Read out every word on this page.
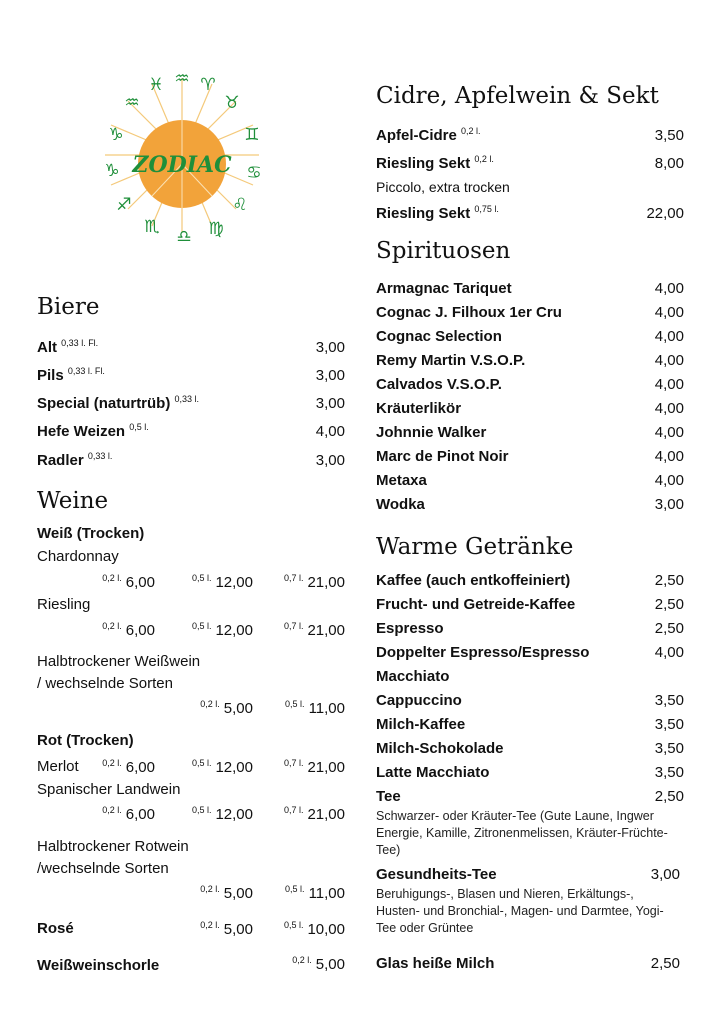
ZODIAC
♓ ♒ ♈
♉
♊
♋
♌
♍
♎
♏
♐
♑
♑
♒
Biere
Alt $^{0,33 l. Fl.}$	3,00
Pils $^{0,33 l. Fl.}$	3,00
Special (naturtrüb) $^{0,33 l.}$	3,00
Hefe Weizen $^{0,5 l.}$	4,00
Radler $^{0,33 l.}$	3,00
Weine
Weiß (Trocken)
Chardonnay
$^{0,2 l.}$ 6,00	$^{0,5 l.}$ 12,00	$^{0,7 l.}$ 21,00
Riesling
$^{0,2 l.}$ 6,00	$^{0,5 l.}$ 12,00	$^{0,7 l.}$ 21,00
Halbtrockener Weißwein
/ wechselnde Sorten
$^{0,2 l.}$ 5,00	$^{0,5 l.}$ 11,00
Rot (Trocken)
Merlot	$^{0,2 l.}$ 6,00	$^{0,5 l.}$ 12,00	$^{0,7 l.}$ 21,00
Spanischer Landwein
$^{0,2 l.}$ 6,00	$^{0,5 l.}$ 12,00	$^{0,7 l.}$ 21,00
Halbtrockener Rotwein
/wechselnde Sorten
$^{0,2 l.}$ 5,00	$^{0,5 l.}$ 11,00
Rosé	$^{0,2 l.}$ 5,00	$^{0,5 l.}$ 10,00
Weißweinschorle	$^{0,2 l.}$ 5,00
Cidre, Apfelwein & Sekt
Apfel-Cidre $^{0,2 l.}$	3,50
Riesling Sekt $^{0,2 l.}$	8,00
Piccolo, extra trocken
Riesling Sekt $^{0,75 l.}$	22,00
Spirituosen
Armagnac Tariquet	4,00
Cognac J. Filhoux 1er Cru	4,00
Cognac Selection	4,00
Remy Martin V.S.O.P.	4,00
Calvados V.S.O.P.	4,00
Kräuterlikör	4,00
Johnnie Walker	4,00
Marc de Pinot Noir	4,00
Metaxa	4,00
Wodka	3,00
Warme Getränke
Kaffee (auch entkoffeiniert)	2,50
Frucht- und Getreide-Kaffee	2,50
Espresso	2,50
Doppelter Espresso/Espresso	4,00
Macchiato
Cappuccino	3,50
Milch-Kaffee	3,50
Milch-Schokolade	3,50
Latte Macchiato	3,50
Tee	2,50
Schwarzer- oder Kräuter-Tee (Gute Laune, Ingwer Energie, Kamille, Zitronenmelissen, Kräuter-Früchte-Tee)
Gesundheits-Tee	3,00
Beruhigungs-, Blasen und Nieren, Erkältungs-, Husten- und Bronchial-, Magen- und Darmtee, Yogi-Tee oder Grüntee
Glas heiße Milch	2,50
